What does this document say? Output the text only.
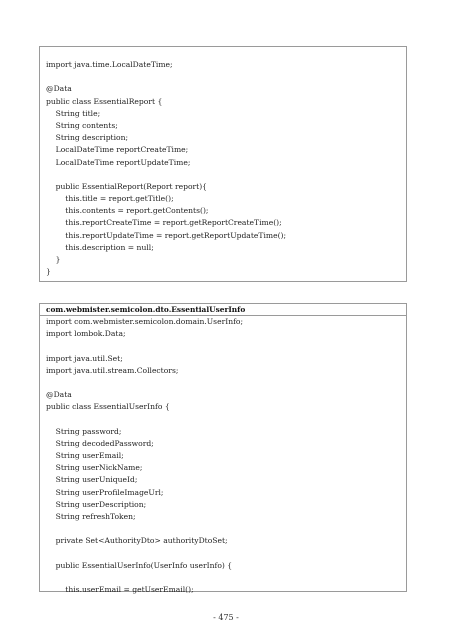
import java.time.LocalDateTime;
@Data
public class EssentialReport {
String title;
String contents;
String description;
LocalDateTime reportCreateTime;
LocalDateTime reportUpdateTime;
public EssentialReport(Report report){
this.title = report.getTitle();
this.contents = report.getContents();
this.reportCreateTime = report.getReportCreateTime();
this.reportUpdateTime = report.getReportUpdateTime();
this.description = null;
}
}
com.webmister.semicolon.dto.EssentialUserInfo
import com.webmister.semicolon.domain.UserInfo;
import lombok.Data;
import java.util.Set;
import java.util.stream.Collectors;
@Data
public class EssentialUserInfo {
String password;
String decodedPassword;
String userEmail;
String userNickName;
String userUniqueId;
String userProfileImageUrl;
String userDescription;
String refreshToken;
private Set<AuthorityDto> authorityDtoSet;
public EssentialUserInfo(UserInfo userInfo) {
this.userEmail = getUserEmail();
- 475 -
